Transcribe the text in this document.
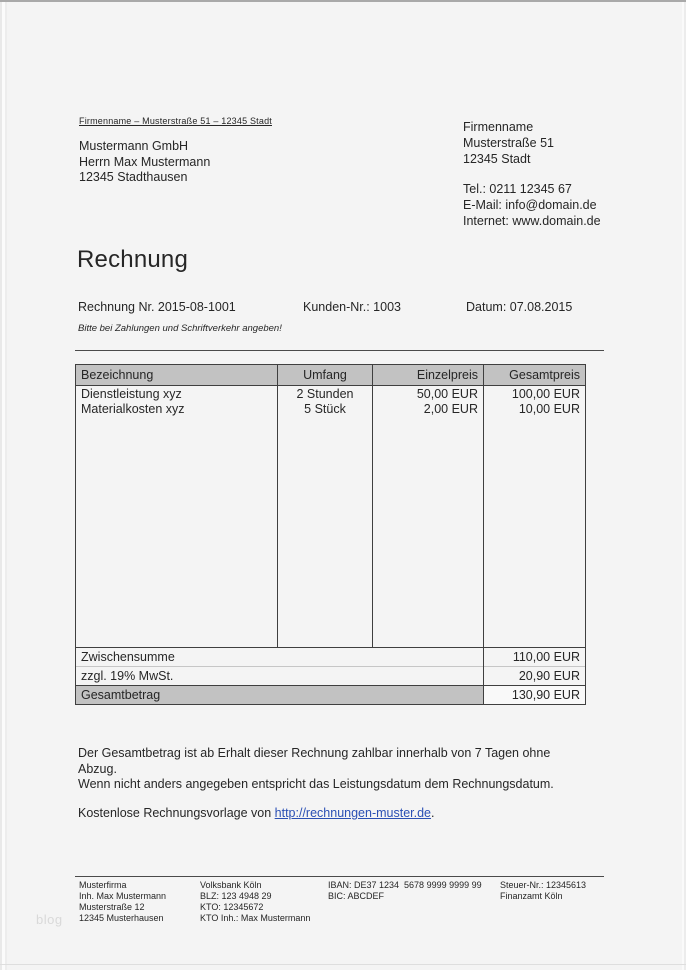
Firmenname – Musterstraße 51 – 12345 Stadt
Mustermann GmbH
Herrn Max Mustermann
12345 Stadthausen
Firmenname
Musterstraße 51
12345 Stadt
Tel.: 0211 12345 67
E-Mail: info@domain.de
Internet: www.domain.de
Rechnung
Rechnung Nr. 2015-08-1001	Kunden-Nr.: 1003	Datum: 07.08.2015
Bitte bei Zahlungen und Schriftverkehr angeben!
Bezeichnung	Umfang	Einzelpreis	Gesamtpreis
Dienstleistung xyz	2 Stunden	50,00 EUR	100,00 EUR
Materialkosten xyz	5 Stück	2,00 EUR	10,00 EUR

Zwischensumme			110,00 EUR
zzgl. 19% MwSt.			20,90 EUR
Gesamtbetrag			130,90 EUR
Der Gesamtbetrag ist ab Erhalt dieser Rechnung zahlbar innerhalb von 7 Tagen ohne
Abzug.
Wenn nicht anders angegeben entspricht das Leistungsdatum dem Rechnungsdatum.
Kostenlose Rechnungsvorlage von http://rechnungen-muster.de.
Musterfirma
Inh. Max Mustermann
Musterstraße 12
12345 Musterhausen
Volksbank Köln
BLZ: 123 4948 29
KTO: 12345672
KTO Inh.: Max Mustermann
IBAN: DE37 1234  5678 9999 9999 99
BIC: ABCDEF
Steuer-Nr.: 12345613
Finanzamt Köln
blog
